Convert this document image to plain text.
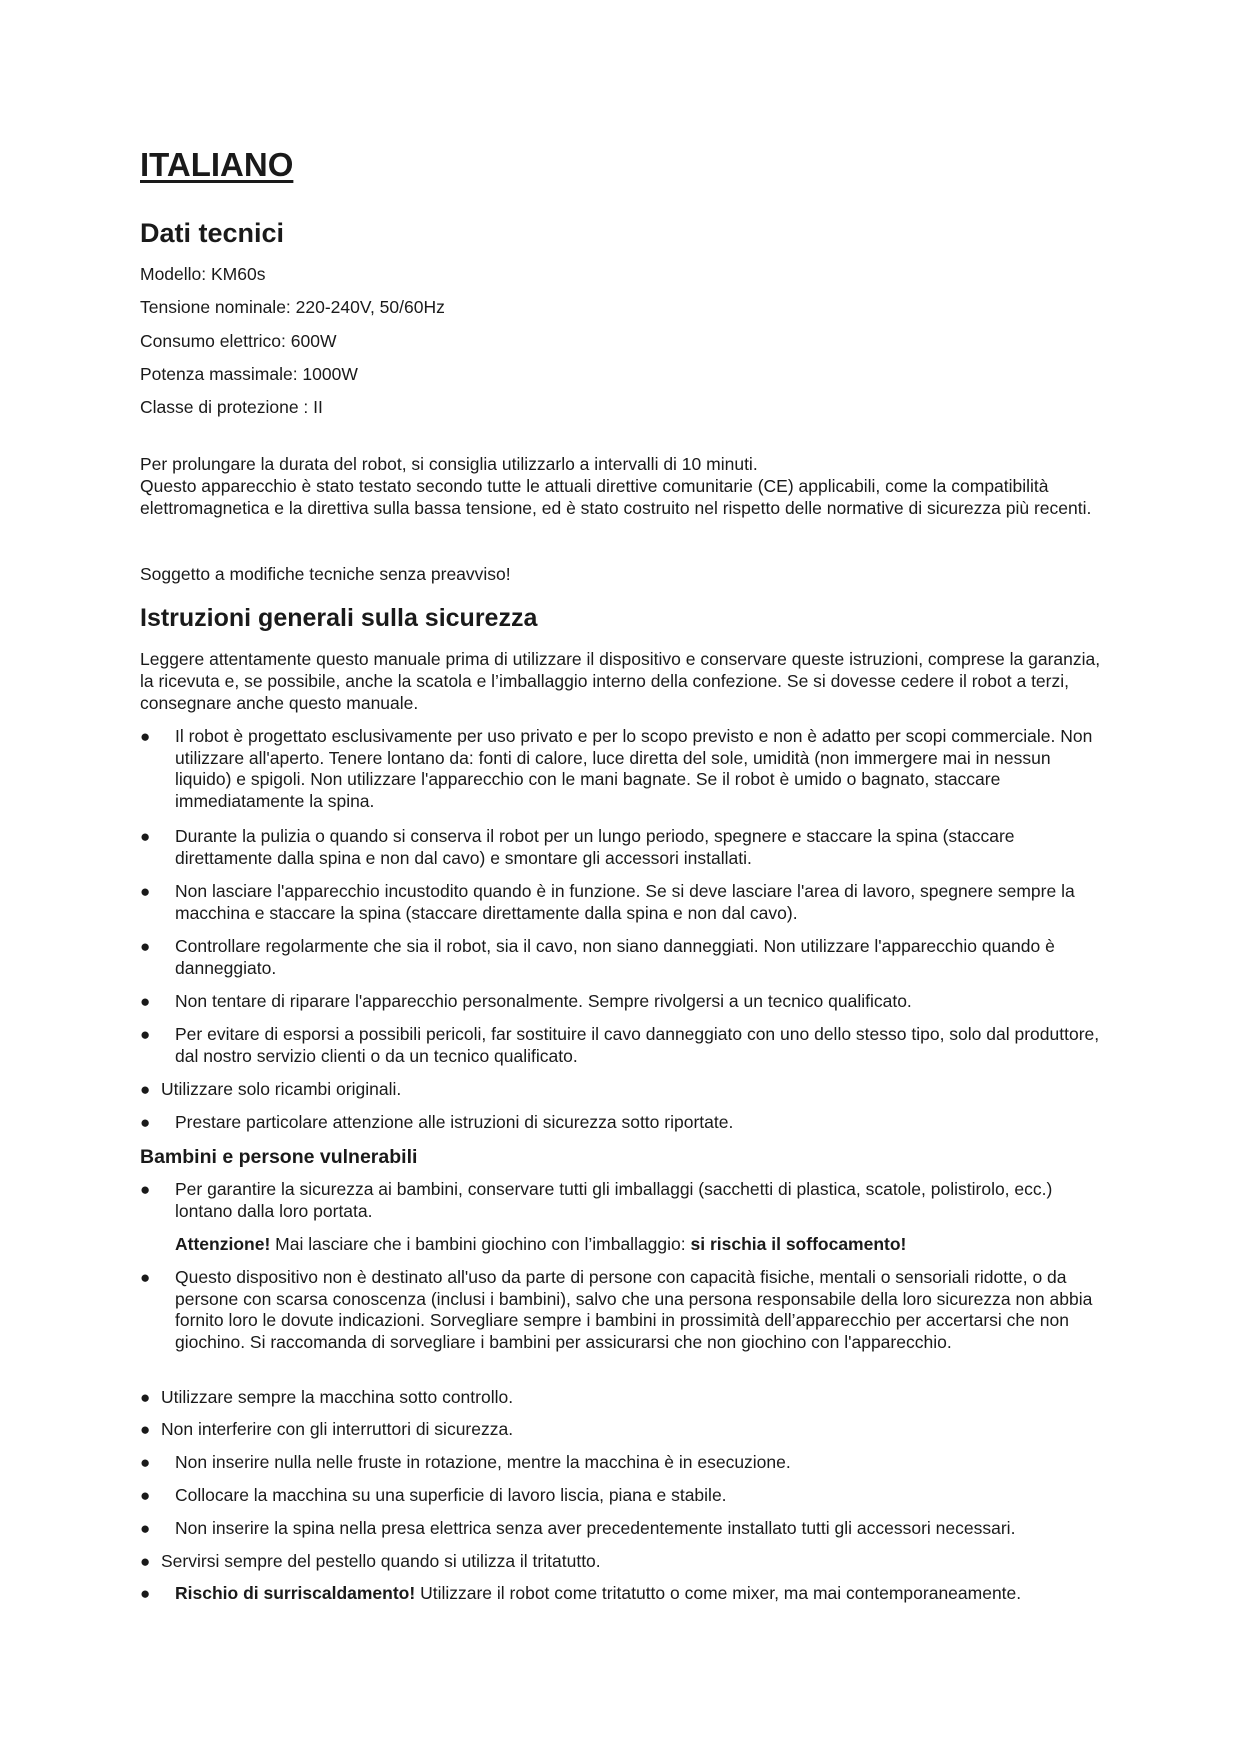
ITALIANO
Dati tecnici

Modello: KM60s

Tensione nominale: 220-240V, 50/60Hz

Consumo elettrico: 600W

Potenza massimale: 1000W

Classe di protezione : II

Per prolungare la durata del robot, si consiglia utilizzarlo a intervalli di 10 minuti.
Questo apparecchio è stato testato secondo tutte le attuali direttive comunitarie (CE) applicabili, come la compatibilità elettromagnetica e la direttiva sulla bassa tensione, ed è stato costruito nel rispetto delle normative di sicurezza più recenti.

Soggetto a modifiche tecniche senza preavviso!

Istruzioni generali sulla sicurezza

Leggere attentamente questo manuale prima di utilizzare il dispositivo e conservare queste istruzioni, comprese la garanzia, la ricevuta e, se possibile, anche la scatola e l’imballaggio interno della confezione. Se si dovesse cedere il robot a terzi, consegnare anche questo manuale.

● Il robot è progettato esclusivamente per uso privato e per lo scopo previsto e non è adatto per scopi commerciale. Non utilizzare all'aperto. Tenere lontano da: fonti di calore, luce diretta del sole, umidità (non immergere mai in nessun liquido) e spigoli. Non utilizzare l'apparecchio con le mani bagnate. Se il robot è umido o bagnato, staccare immediatamente la spina.
● Durante la pulizia o quando si conserva il robot per un lungo periodo, spegnere e staccare la spina (staccare direttamente dalla spina e non dal cavo) e smontare gli accessori installati.
● Non lasciare l'apparecchio incustodito quando è in funzione. Se si deve lasciare l'area di lavoro, spegnere sempre la macchina e staccare la spina (staccare direttamente dalla spina e non dal cavo).
● Controllare regolarmente che sia il robot, sia il cavo, non siano danneggiati. Non utilizzare l'apparecchio quando è danneggiato.
● Non tentare di riparare l'apparecchio personalmente. Sempre rivolgersi a un tecnico qualificato.
● Per evitare di esporsi a possibili pericoli, far sostituire il cavo danneggiato con uno dello stesso tipo, solo dal produttore, dal nostro servizio clienti o da un tecnico qualificato.
● Utilizzare solo ricambi originali.
● Prestare particolare attenzione alle istruzioni di sicurezza sotto riportate.
Bambini e persone vulnerabili
● Per garantire la sicurezza ai bambini, conservare tutti gli imballaggi (sacchetti di plastica, scatole, polistirolo, ecc.) lontano dalla loro portata.
Attenzione! Mai lasciare che i bambini giochino con l’imballaggio: si rischia il soffocamento!
● Questo dispositivo non è destinato all'uso da parte di persone con capacità fisiche, mentali o sensoriali ridotte, o da persone con scarsa conoscenza (inclusi i bambini), salvo che una persona responsabile della loro sicurezza non abbia fornito loro le dovute indicazioni. Sorvegliare sempre i bambini in prossimità dell’apparecchio per accertarsi che non giochino. Si raccomanda di sorvegliare i bambini per assicurarsi che non giochino con l'apparecchio.
● Utilizzare sempre la macchina sotto controllo.
● Non interferire con gli interruttori di sicurezza.
● Non inserire nulla nelle fruste in rotazione, mentre la macchina è in esecuzione.
● Collocare la macchina su una superficie di lavoro liscia, piana e stabile.
● Non inserire la spina nella presa elettrica senza aver precedentemente installato tutti gli accessori necessari.
● Servirsi sempre del pestello quando si utilizza il tritatutto.
● Rischio di surriscaldamento! Utilizzare il robot come tritatutto o come mixer, ma mai contemporaneamente.
